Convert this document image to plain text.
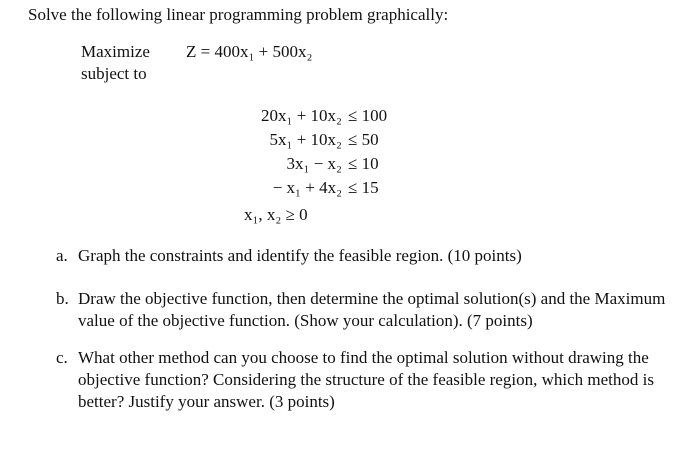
Solve the following linear programming problem graphically:
Maximize Z = 400x₁ + 500x₂
subject to
20x₁ + 10x₂ ≤ 100
5x₁ + 10x₂ ≤ 50
3x₁ − x₂ ≤ 10
− x₁ + 4x₂ ≤ 15
x₁, x₂ ≥ 0
a. Graph the constraints and identify the feasible region. (10 points)
b. Draw the objective function, then determine the optimal solution(s) and the Maximum
value of the objective function. (Show your calculation). (7 points)
c. What other method can you choose to find the optimal solution without drawing the
objective function? Considering the structure of the feasible region, which method is
better? Justify your answer. (3 points)
